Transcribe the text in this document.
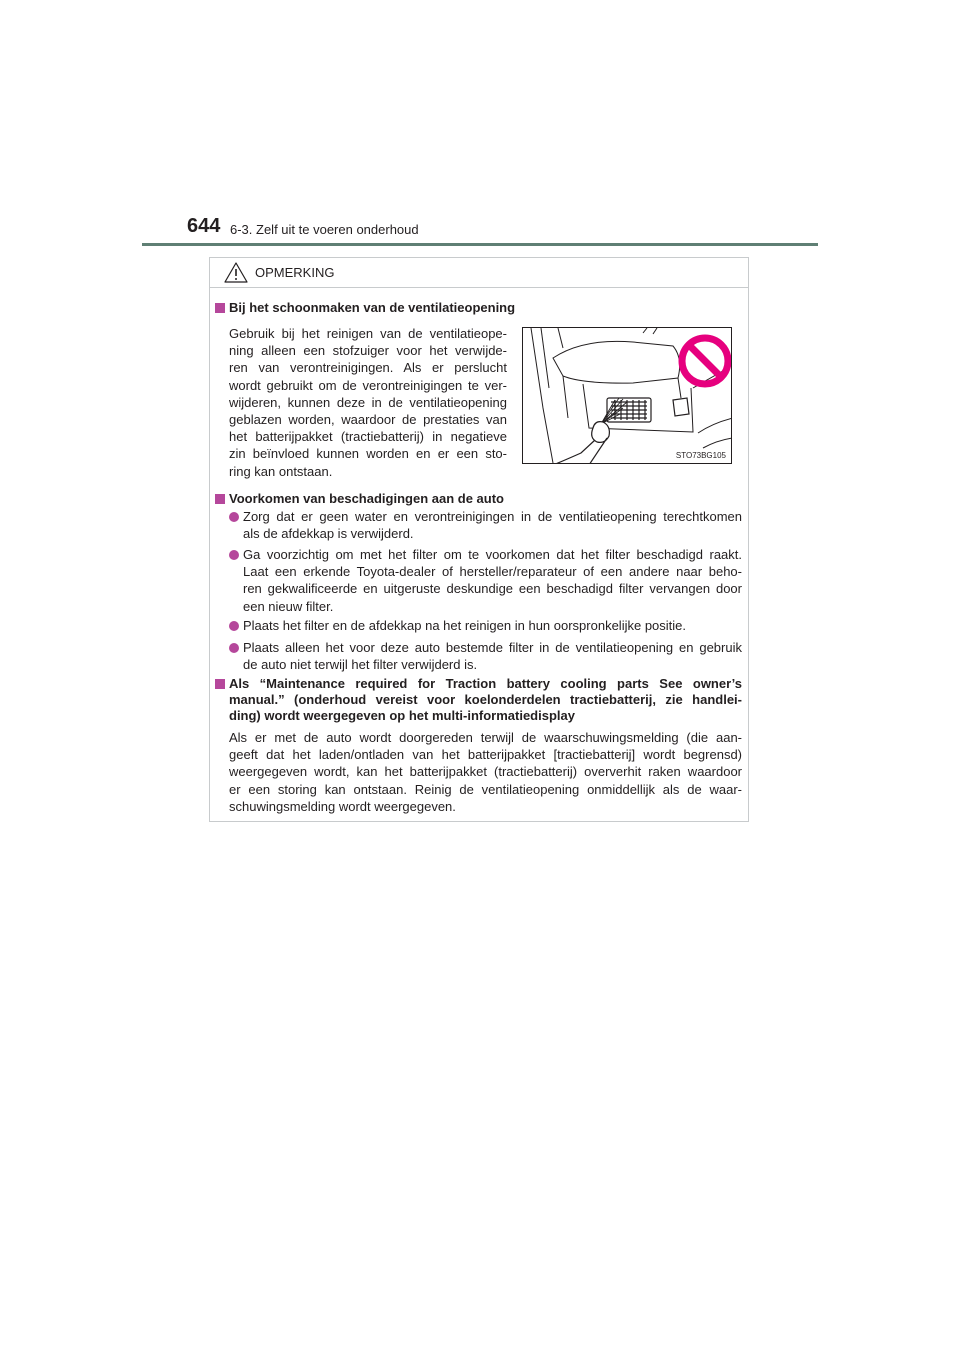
644 6-3. Zelf uit te voeren onderhoud
OPMERKING
Bij het schoonmaken van de ventilatieopening
Gebruik bij het reinigen van de ventilatieope-
ning alleen een stofzuiger voor het verwijde-
ren van verontreinigingen. Als er perslucht
wordt gebruikt om de verontreinigingen te ver-
wijderen, kunnen deze in de ventilatieopening
geblazen worden, waardoor de prestaties van
het batterijpakket (tractiebatterij) in negatieve
zin beïnvloed kunnen worden en er een sto-
ring kan ontstaan.
STO73BG105
Voorkomen van beschadigingen aan de auto
Zorg dat er geen water en verontreinigingen in de ventilatieopening terechtkomen
als de afdekkap is verwijderd.
Ga voorzichtig om met het filter om te voorkomen dat het filter beschadigd raakt.
Laat een erkende Toyota-dealer of hersteller/reparateur of een andere naar beho-
ren gekwalificeerde en uitgeruste deskundige een beschadigd filter vervangen door
een nieuw filter.
Plaats het filter en de afdekkap na het reinigen in hun oorspronkelijke positie.
Plaats alleen het voor deze auto bestemde filter in de ventilatieopening en gebruik
de auto niet terwijl het filter verwijderd is.
Als “Maintenance required for Traction battery cooling parts See owner’s
manual.” (onderhoud vereist voor koelonderdelen tractiebatterij, zie handlei-
ding) wordt weergegeven op het multi-informatiedisplay
Als er met de auto wordt doorgereden terwijl de waarschuwingsmelding (die aan-
geeft dat het laden/ontladen van het batterijpakket [tractiebatterij] wordt begrensd)
weergegeven wordt, kan het batterijpakket (tractiebatterij) oververhit raken waardoor
er een storing kan ontstaan. Reinig de ventilatieopening onmiddellijk als de waar-
schuwingsmelding wordt weergegeven.
